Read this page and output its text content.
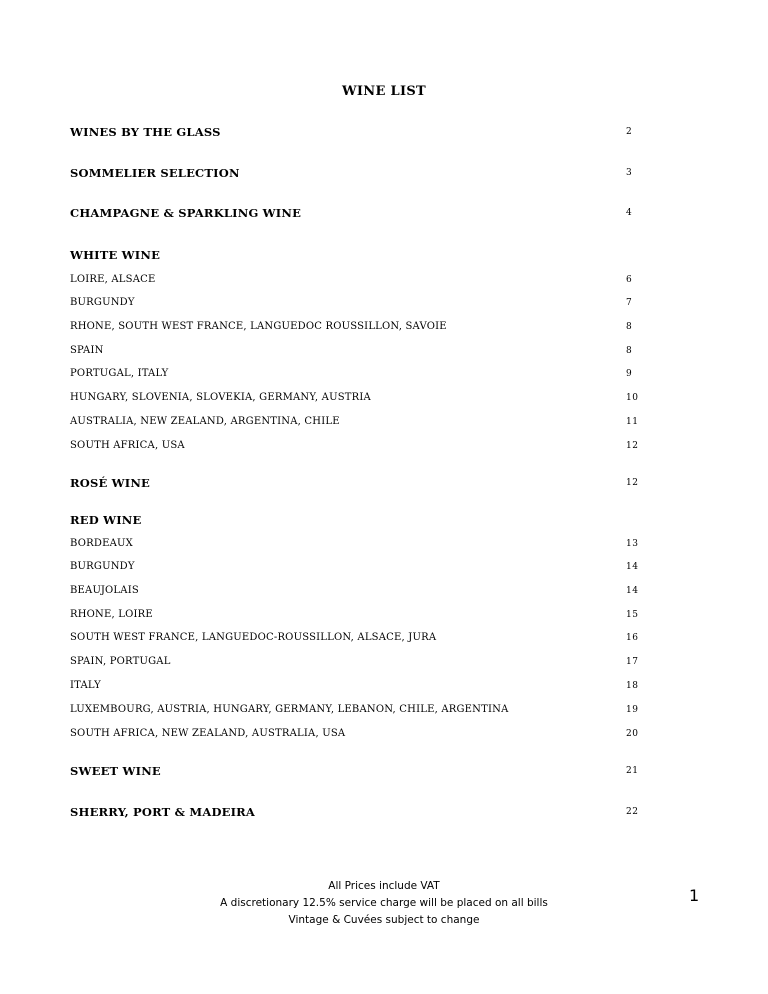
WINE LIST
WINES BY THE GLASS	2
SOMMELIER SELECTION	3
CHAMPAGNE & SPARKLING WINE	4
WHITE WINE
LOIRE, ALSACE	6
BURGUNDY	7
RHONE, SOUTH WEST FRANCE, LANGUEDOC ROUSSILLON, SAVOIE	8
SPAIN	8
PORTUGAL, ITALY	9
HUNGARY, SLOVENIA, SLOVEKIA, GERMANY, AUSTRIA	10
AUSTRALIA, NEW ZEALAND, ARGENTINA, CHILE	11
SOUTH AFRICA, USA	12
ROSÉ WINE	12
RED WINE
BORDEAUX	13
BURGUNDY	14
BEAUJOLAIS	14
RHONE, LOIRE	15
SOUTH WEST FRANCE, LANGUEDOC-ROUSSILLON, ALSACE, JURA	16
SPAIN, PORTUGAL	17
ITALY	18
LUXEMBOURG, AUSTRIA, HUNGARY, GERMANY, LEBANON, CHILE, ARGENTINA	19
SOUTH AFRICA, NEW ZEALAND, AUSTRALIA, USA	20
SWEET WINE	21
SHERRY, PORT & MADEIRA	22
All Prices include VAT
A discretionary 12.5% service charge will be placed on all bills
Vintage & Cuvées subject to change
1
